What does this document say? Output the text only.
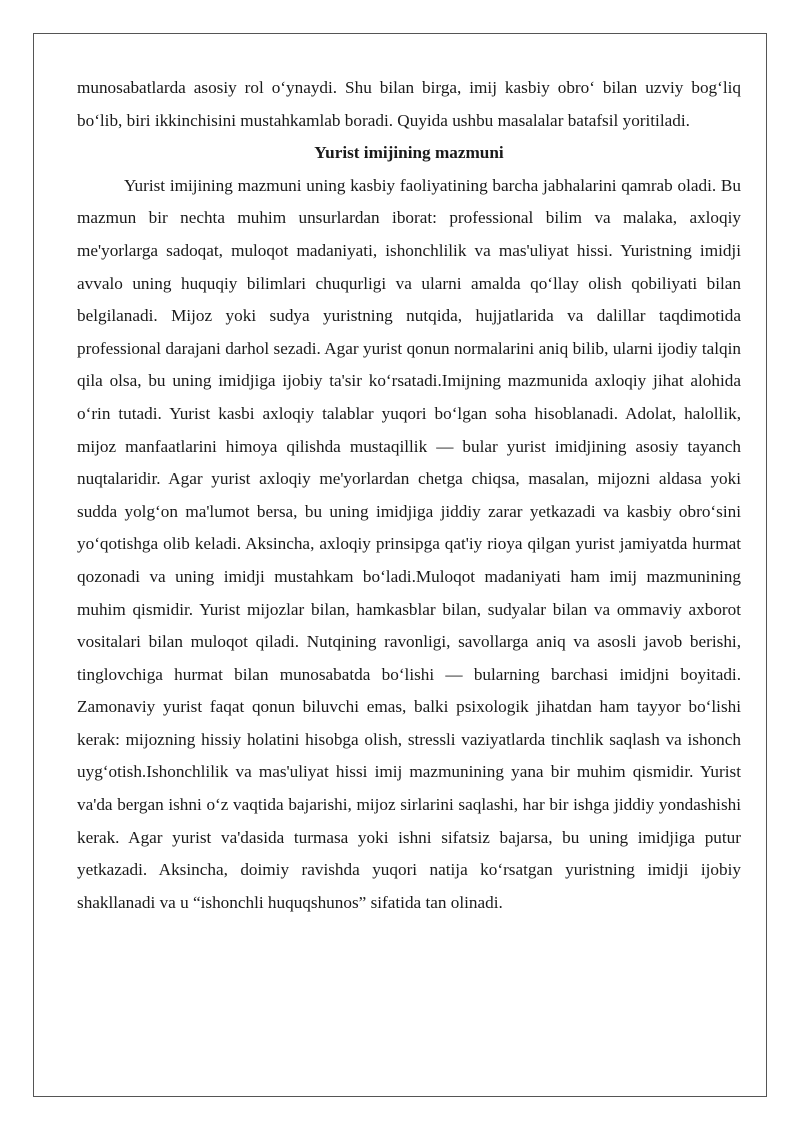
munosabatlarda asosiy rol o‘ynaydi. Shu bilan birga, imij kasbiy obro‘ bilan uzviy bog‘liq bo‘lib, biri ikkinchisini mustahkamlab boradi. Quyida ushbu masalalar batafsil yoritiladi.

Yurist imijining mazmuni

Yurist imijining mazmuni uning kasbiy faoliyatining barcha jabhalarini qamrab oladi. Bu mazmun bir nechta muhim unsurlardan iborat: professional bilim va malaka, axloqiy me'yorlarga sadoqat, muloqot madaniyati, ishonchlilik va mas'uliyat hissi. Yuristning imidji avvalo uning huquqiy bilimlari chuqurligi va ularni amalda qo‘llay olish qobiliyati bilan belgilanadi. Mijoz yoki sudya yuristning nutqida, hujjatlarida va dalillar taqdimotida professional darajani darhol sezadi. Agar yurist qonun normalarini aniq bilib, ularni ijodiy talqin qila olsa, bu uning imidjiga ijobiy ta'sir ko‘rsatadi.Imijning mazmunida axloqiy jihat alohida o‘rin tutadi. Yurist kasbi axloqiy talablar yuqori bo‘lgan soha hisoblanadi. Adolat, halollik, mijoz manfaatlarini himoya qilishda mustaqillik — bular yurist imidjining asosiy tayanch nuqtalaridir. Agar yurist axloqiy me'yorlardan chetga chiqsa, masalan, mijozni aldasa yoki sudda yolg‘on ma'lumot bersa, bu uning imidjiga jiddiy zarar yetkazadi va kasbiy obro‘sini yo‘qotishga olib keladi. Aksincha, axloqiy prinsipga qat'iy rioya qilgan yurist jamiyatda hurmat qozonadi va uning imidji mustahkam bo‘ladi.Muloqot madaniyati ham imij mazmunining muhim qismidir. Yurist mijozlar bilan, hamkasblar bilan, sudyalar bilan va ommaviy axborot vositalari bilan muloqot qiladi. Nutqining ravonligi, savollarga aniq va asosli javob berishi, tinglovchiga hurmat bilan munosabatda bo‘lishi — bularning barchasi imidjni boyitadi. Zamonaviy yurist faqat qonun biluvchi emas, balki psixologik jihatdan ham tayyor bo‘lishi kerak: mijozning hissiy holatini hisobga olish, stressli vaziyatlarda tinchlik saqlash va ishonch uyg‘otish.Ishonchlilik va mas'uliyat hissi imij mazmunining yana bir muhim qismidir. Yurist va'da bergan ishni o‘z vaqtida bajarishi, mijoz sirlarini saqlashi, har bir ishga jiddiy yondashishi kerak. Agar yurist va'dasida turmasa yoki ishni sifatsiz bajarsa, bu uning imidjiga putur yetkazadi. Aksincha, doimiy ravishda yuqori natija ko‘rsatgan yuristning imidji ijobiy shakllanadi va u “ishonchli huquqshunos” sifatida tan olinadi.
